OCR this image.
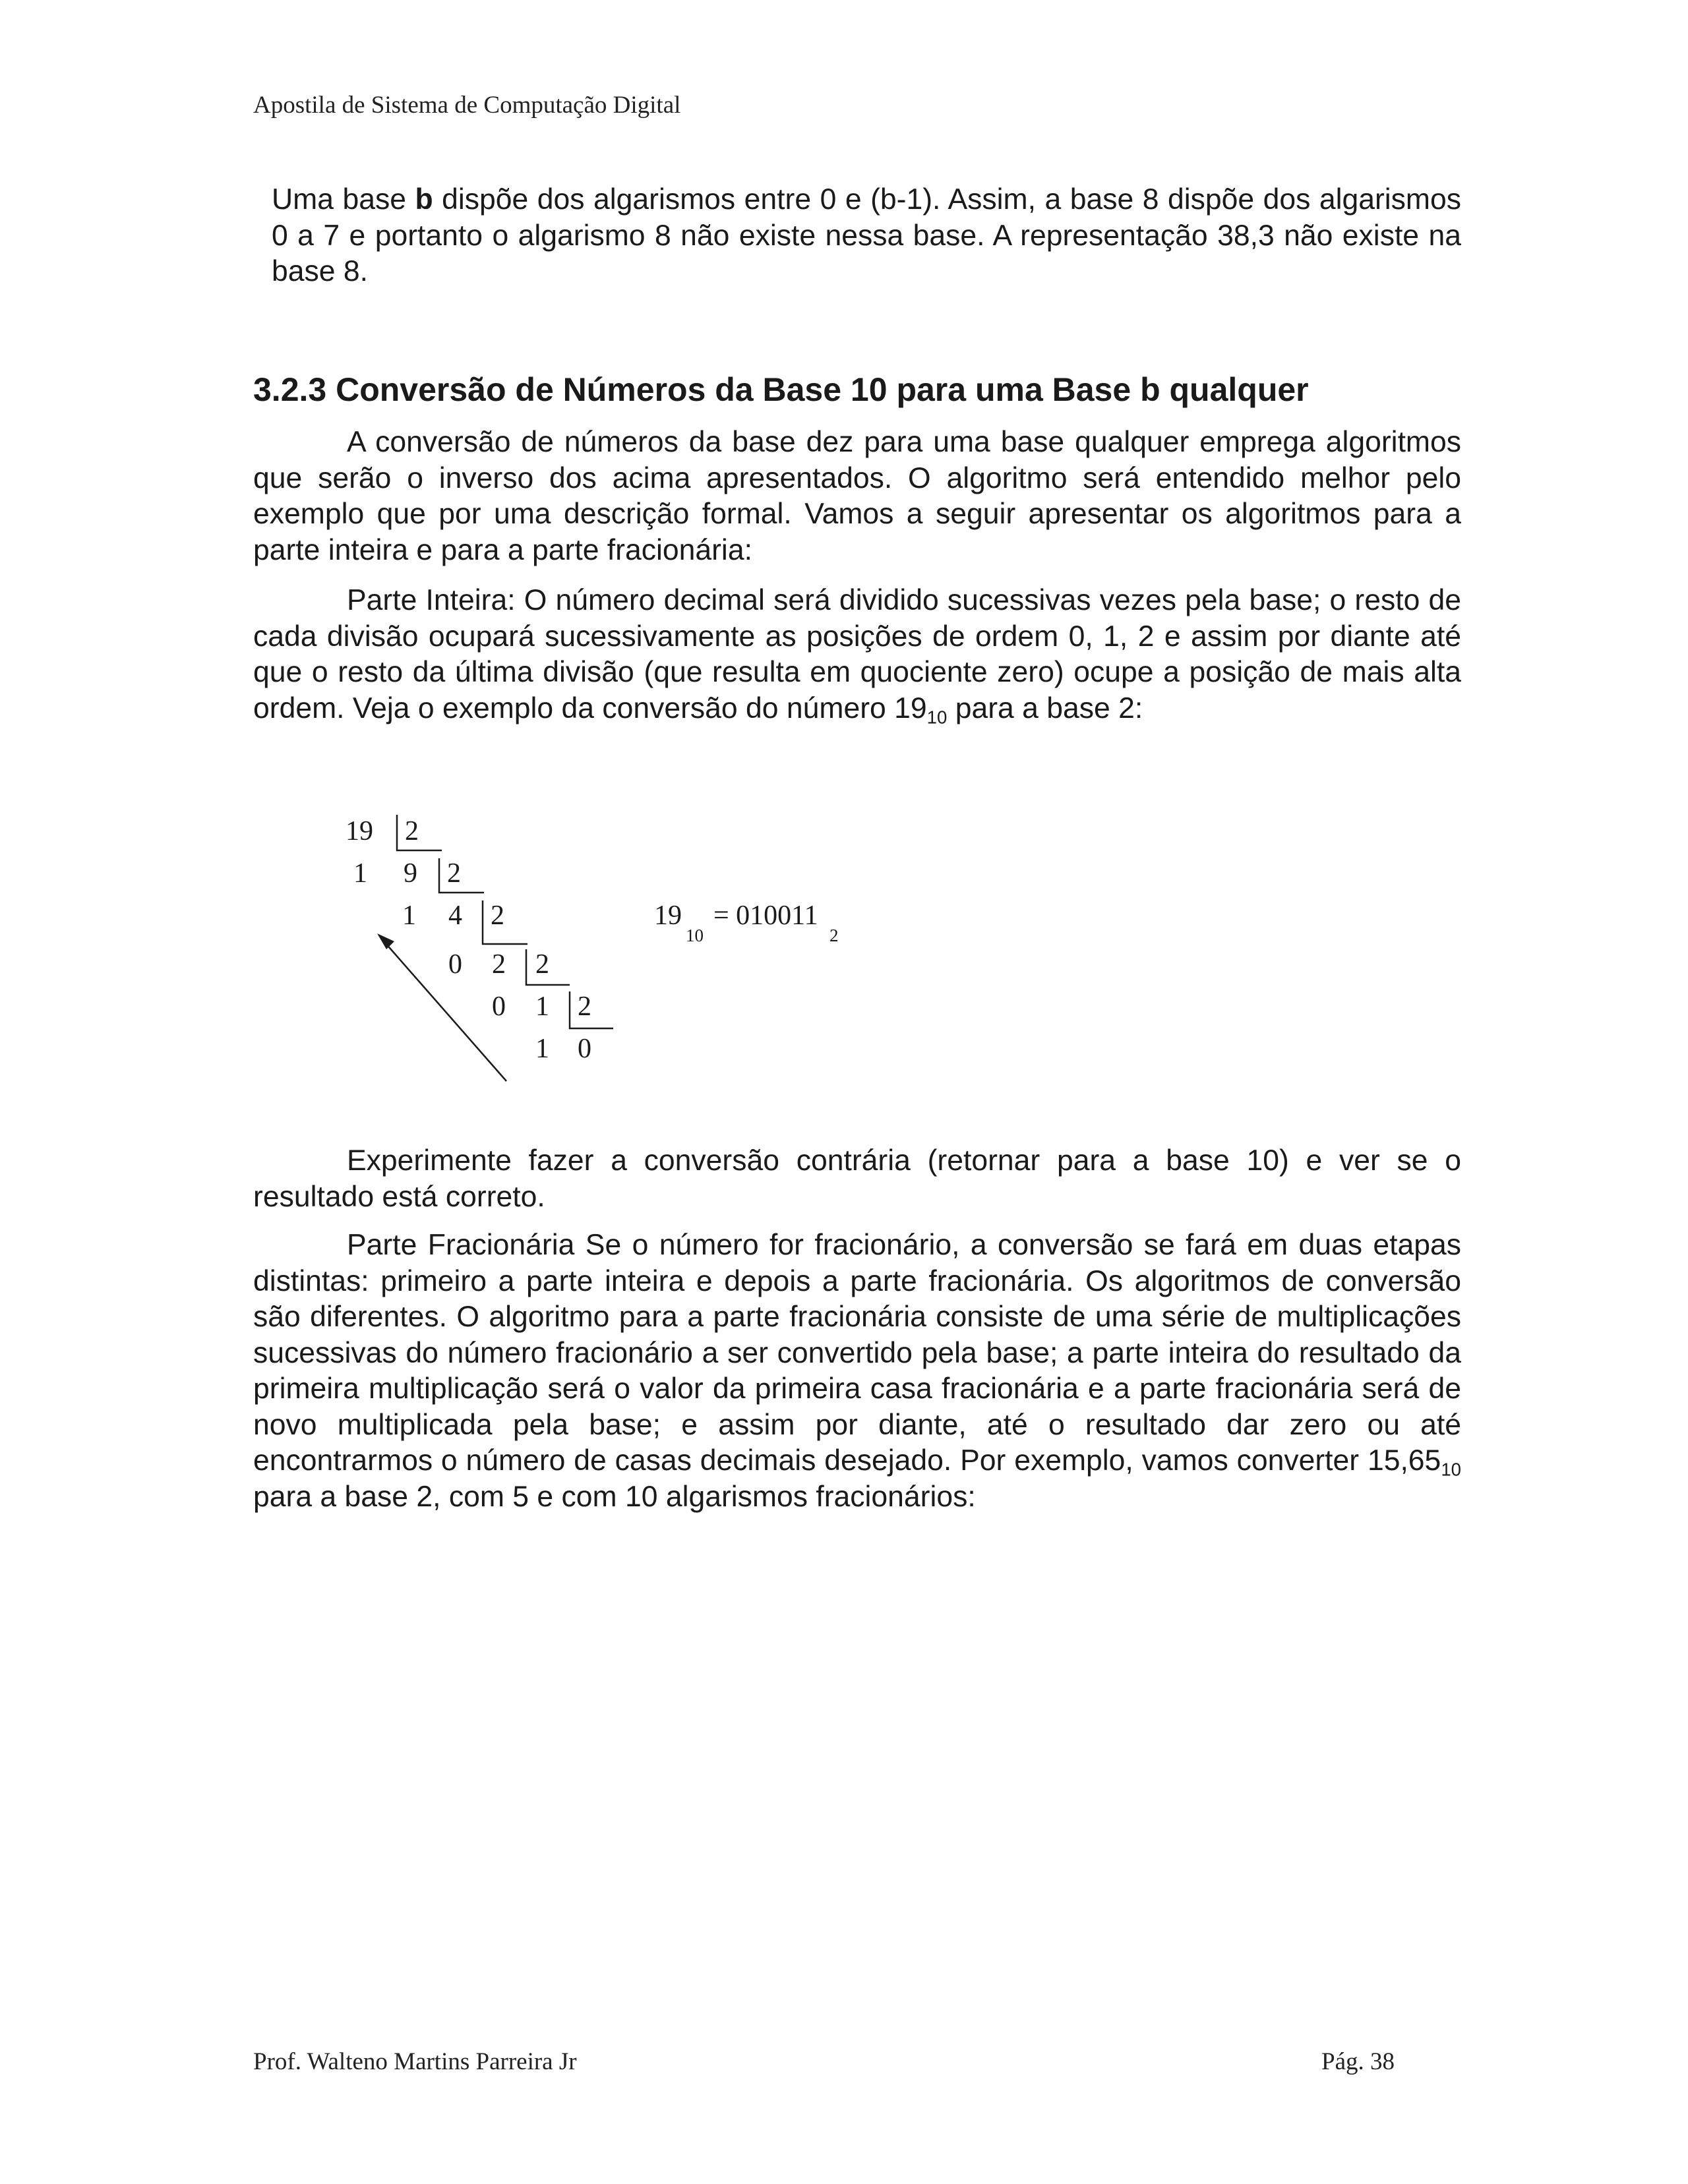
Apostila de Sistema de Computação Digital

Uma base b dispõe dos algarismos entre 0 e (b-1). Assim, a base 8 dispõe dos algarismos 0 a 7 e portanto o algarismo 8 não existe nessa base. A representação 38,3 não existe na base 8.

3.2.3 Conversão de Números da Base 10 para uma Base b qualquer

A conversão de números da base dez para uma base qualquer emprega algoritmos que serão o inverso dos acima apresentados. O algoritmo será entendido melhor pelo exemplo que por uma descrição formal. Vamos a seguir apresentar os algoritmos para a parte inteira e para a parte fracionária:

Parte Inteira: O número decimal será dividido sucessivas vezes pela base; o resto de cada divisão ocupará sucessivamente as posições de ordem 0, 1, 2 e assim por diante até que o resto da última divisão (que resulta em quociente zero) ocupe a posição de mais alta ordem. Veja o exemplo da conversão do número $19_{10}$ para a base 2:

19 2
1 9 2
1 4 2
0 2 2
0 1 2
1 0
19
10
= 010011
2

Experimente fazer a conversão contrária (retornar para a base 10) e ver se o resultado está correto.

Parte Fracionária Se o número for fracionário, a conversão se fará em duas etapas distintas: primeiro a parte inteira e depois a parte fracionária. Os algoritmos de conversão são diferentes. O algoritmo para a parte fracionária consiste de uma série de multiplicações sucessivas do número fracionário a ser convertido pela base; a parte inteira do resultado da primeira multiplicação será o valor da primeira casa fracionária e a parte fracionária será de novo multiplicada pela base; e assim por diante, até o resultado dar zero ou até encontrarmos o número de casas decimais desejado. Por exemplo, vamos converter $15,65_{10}$ para a base 2, com 5 e com 10 algarismos fracionários:

Prof. Walteno Martins Parreira Jr	Pág. 38
